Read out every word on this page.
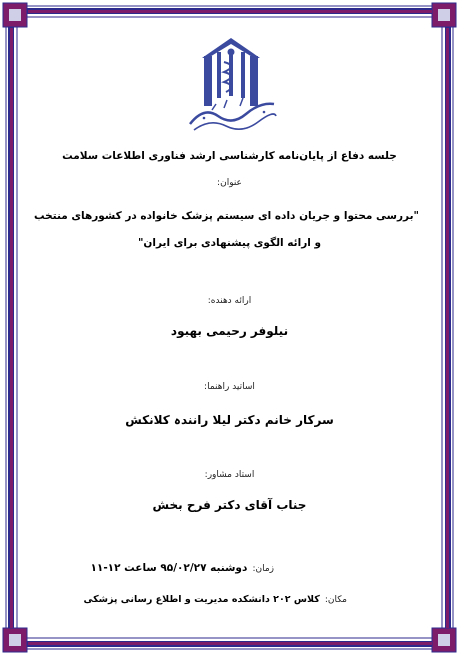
جلسه دفاع از پایان‌نامه کارشناسی ارشد فناوری اطلاعات سلامت
عنوان:
"بررسی محتوا و جریان داده ای سیستم پزشک خانواده در کشورهای منتخب
و ارائه الگوی پیشنهادی برای ایران"
ارائه دهنده:
نیلوفر رحیمی بهبود
اساتید راهنما:
سرکار خانم دکتر لیلا رانندہ کلانکش
استاد مشاور:
جناب آقای دکتر فرح بخش
زمان: دوشنبه ۹۵/۰۲/۲۷ ساعت ۱۲-۱۱
مکان: کلاس ۲۰۲ دانشکده مدیریت و اطلاع رسانی پزشکی
